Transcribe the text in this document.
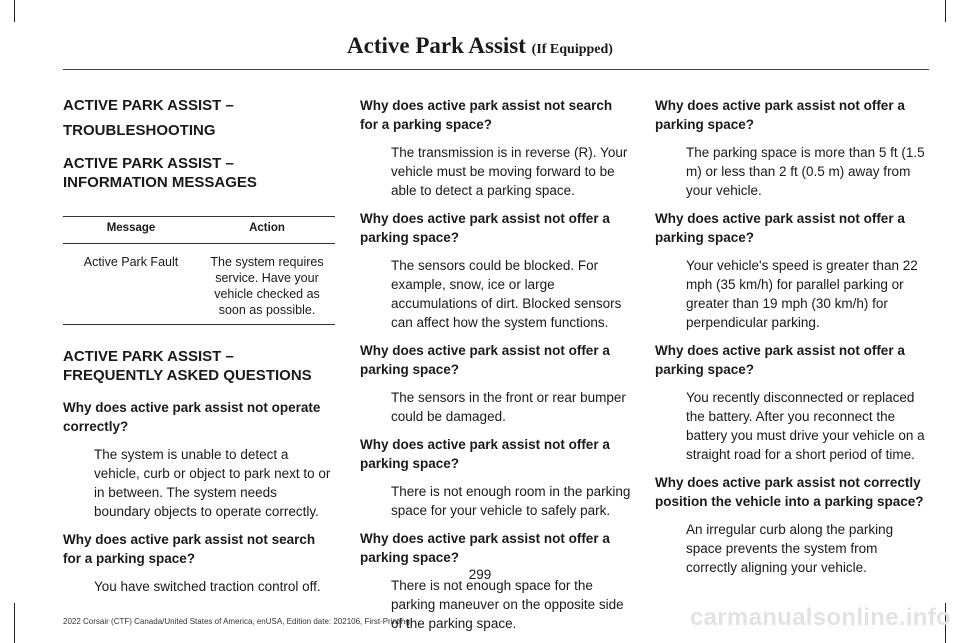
Active Park Assist (If Equipped)

ACTIVE PARK ASSIST –

TROUBLESHOOTING

ACTIVE PARK ASSIST – INFORMATION MESSAGES

Message	Action
Active Park Fault	The system requires service. Have your vehicle checked as soon as possible.

ACTIVE PARK ASSIST – FREQUENTLY ASKED QUESTIONS

Why does active park assist not operate correctly?

The system is unable to detect a vehicle, curb or object to park next to or in between. The system needs boundary objects to operate correctly.

Why does active park assist not search for a parking space?

You have switched traction control off.

Why does active park assist not search for a parking space?

The transmission is in reverse (R). Your vehicle must be moving forward to be able to detect a parking space.

Why does active park assist not offer a parking space?

The sensors could be blocked. For example, snow, ice or large accumulations of dirt. Blocked sensors can affect how the system functions.

Why does active park assist not offer a parking space?

The sensors in the front or rear bumper could be damaged.

Why does active park assist not offer a parking space?

There is not enough room in the parking space for your vehicle to safely park.

Why does active park assist not offer a parking space?

There is not enough space for the parking maneuver on the opposite side of the parking space.

Why does active park assist not offer a parking space?

The parking space is more than 5 ft (1.5 m) or less than 2 ft (0.5 m) away from your vehicle.

Why does active park assist not offer a parking space?

Your vehicle's speed is greater than 22 mph (35 km/h) for parallel parking or greater than 19 mph (30 km/h) for perpendicular parking.

Why does active park assist not offer a parking space?

You recently disconnected or replaced the battery. After you reconnect the battery you must drive your vehicle on a straight road for a short period of time.

Why does active park assist not correctly position the vehicle into a parking space?

An irregular curb along the parking space prevents the system from correctly aligning your vehicle.

299
2022 Corsair (CTF) Canada/United States of America, enUSA, Edition date: 202106, First-Printing	carmanualsonline.info
